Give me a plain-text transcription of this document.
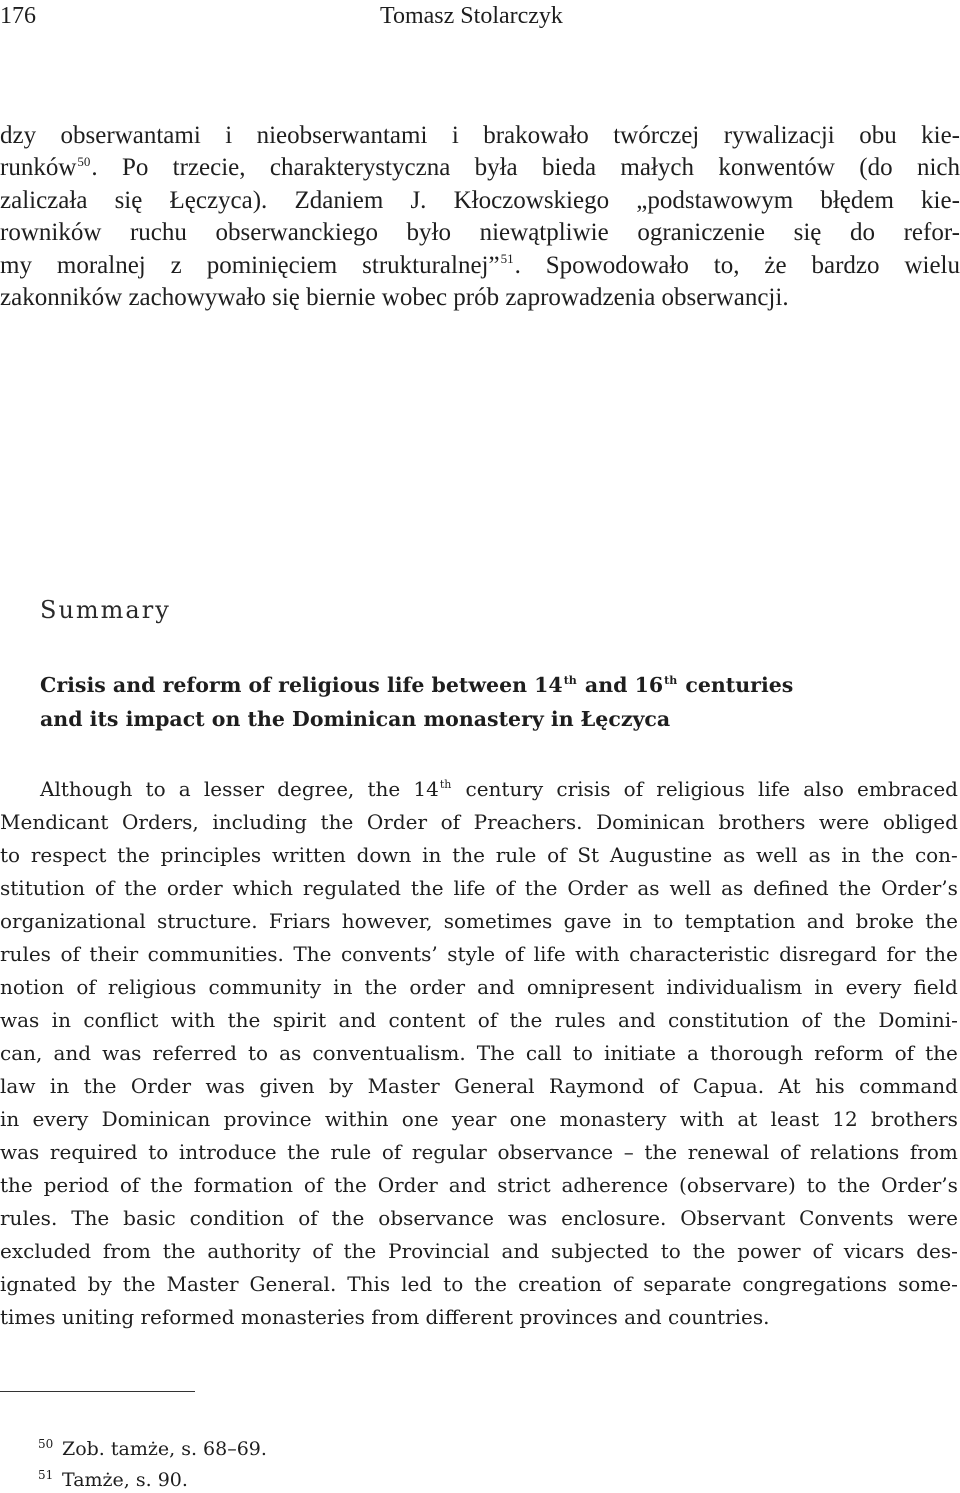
176	Tomasz Stolarczyk
dzy obserwantami i nieobserwantami i brakowało twórczej rywalizacji obu kie-
runków$^{50}$. Po trzecie, charakterystyczna była bieda małych konwentów (do nich
zaliczała się Łęczyca). Zdaniem J. Kłoczowskiego „podstawowym błędem kie-
rowników ruchu obserwanckiego było niewątpliwie ograniczenie się do refor-
my moralnej z pominięciem strukturalnej”$^{51}$. Spowodowało to, że bardzo wielu
zakonników zachowywało się biernie wobec prób zaprowadzenia obserwancji.
Summary
Crisis and reform of religious life between 14th and 16th centuries
and its impact on the Dominican monastery in Łęczyca
Although to a lesser degree, the 14th century crisis of religious life also embraced
Mendicant Orders, including the Order of Preachers. Dominican brothers were obliged
to respect the principles written down in the rule of St Augustine as well as in the con-
stitution of the order which regulated the life of the Order as well as defined the Order’s
organizational structure. Friars however, sometimes gave in to temptation and broke the
rules of their communities. The convents’ style of life with characteristic disregard for the
notion of religious community in the order and omnipresent individualism in every field
was in conflict with the spirit and content of the rules and constitution of the Domini-
can, and was referred to as conventualism. The call to initiate a thorough reform of the
law in the Order was given by Master General Raymond of Capua. At his command
in every Dominican province within one year one monastery with at least 12 brothers
was required to introduce the rule of regular observance – the renewal of relations from
the period of the formation of the Order and strict adherence (observare) to the Order’s
rules. The basic condition of the observance was enclosure. Observant Convents were
excluded from the authority of the Provincial and subjected to the power of vicars des-
ignated by the Master General. This led to the creation of separate congregations some-
times uniting reformed monasteries from different provinces and countries.
50 Zob. tamże, s. 68–69.
51 Tamże, s. 90.
